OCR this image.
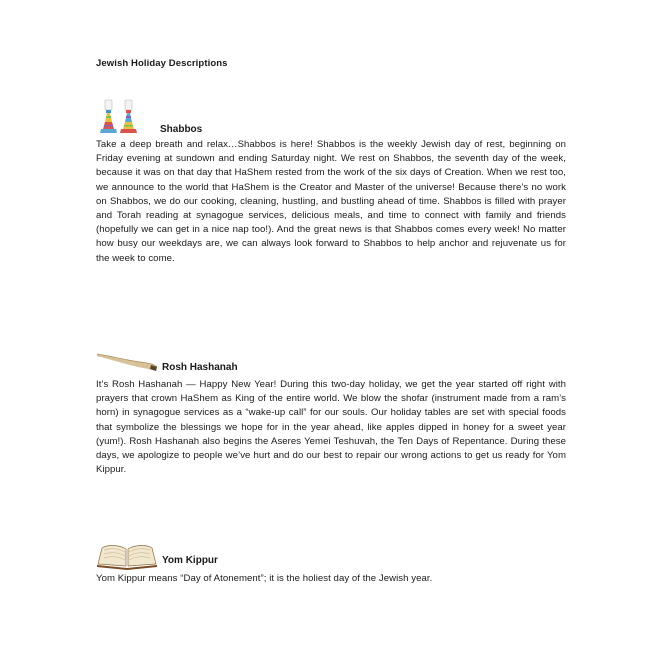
Jewish Holiday Descriptions
Shabbos

Take a deep breath and relax…Shabbos is here! Shabbos is the weekly Jewish day of rest, beginning on Friday evening at sundown and ending Saturday night. We rest on Shabbos, the seventh day of the week, because it was on that day that HaShem rested from the work of the six days of Creation. When we rest too, we announce to the world that HaShem is the Creator and Master of the universe! Because there’s no work on Shabbos, we do our cooking, cleaning, hustling, and bustling ahead of time. Shabbos is filled with prayer and Torah reading at synagogue services, delicious meals, and time to connect with family and friends (hopefully we can get in a nice nap too!). And the great news is that Shabbos comes every week! No matter how busy our weekdays are, we can always look forward to Shabbos to help anchor and rejuvenate us for the week to come.

Rosh Hashanah

It’s Rosh Hashanah — Happy New Year! During this two-day holiday, we get the year started off right with prayers that crown HaShem as King of the entire world. We blow the shofar (instrument made from a ram’s horn) in synagogue services as a “wake-up call” for our souls. Our holiday tables are set with special foods that symbolize the blessings we hope for in the year ahead, like apples dipped in honey for a sweet year (yum!). Rosh Hashanah also begins the Aseres Yemei Teshuvah, the Ten Days of Repentance. During these days, we apologize to people we’ve hurt and do our best to repair our wrong actions to get us ready for Yom Kippur.

Yom Kippur

Yom Kippur means “Day of Atonement”; it is the holiest day of the Jewish year.
